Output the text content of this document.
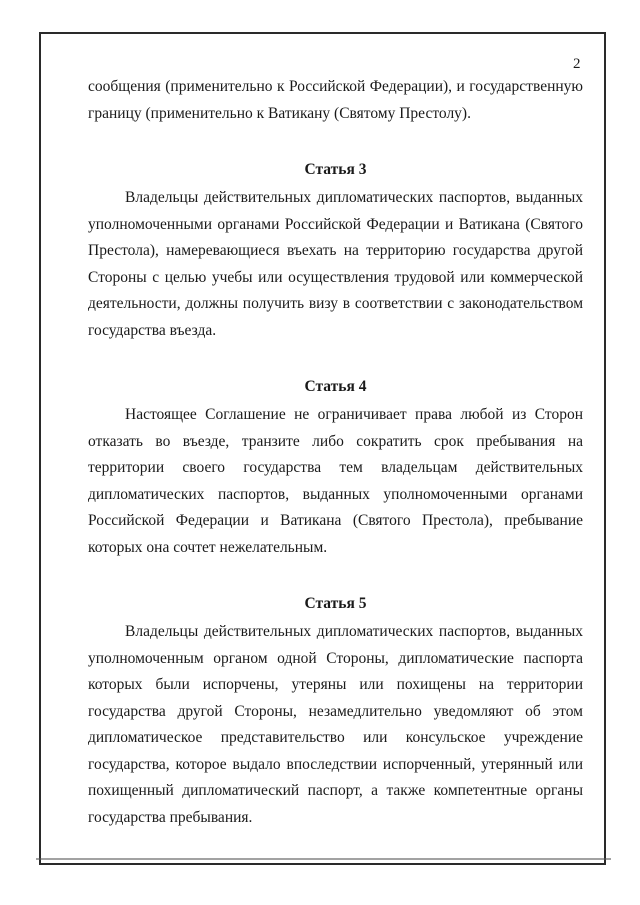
2

сообщения (применительно к Российской Федерации), и государственную границу (применительно к Ватикану (Святому Престолу).

Статья 3

Владельцы действительных дипломатических паспортов, выданных уполномоченными органами Российской Федерации и Ватикана (Святого Престола), намеревающиеся въехать на территорию государства другой Стороны с целью учебы или осуществления трудовой или коммерческой деятельности, должны получить визу в соответствии с законодательством государства въезда.

Статья 4

Настоящее Соглашение не ограничивает права любой из Сторон отказать во въезде, транзите либо сократить срок пребывания на территории своего государства тем владельцам действительных дипломатических паспортов, выданных уполномоченными органами Российской Федерации и Ватикана (Святого Престола), пребывание которых она сочтет нежелательным.

Статья 5

Владельцы действительных дипломатических паспортов, выданных уполномоченным органом одной Стороны, дипломатические паспорта которых были испорчены, утеряны или похищены на территории государства другой Стороны, незамедлительно уведомляют об этом дипломатическое представительство или консульское учреждение государства, которое выдало впоследствии испорченный, утерянный или похищенный дипломатический паспорт, а также компетентные органы государства пребывания.
